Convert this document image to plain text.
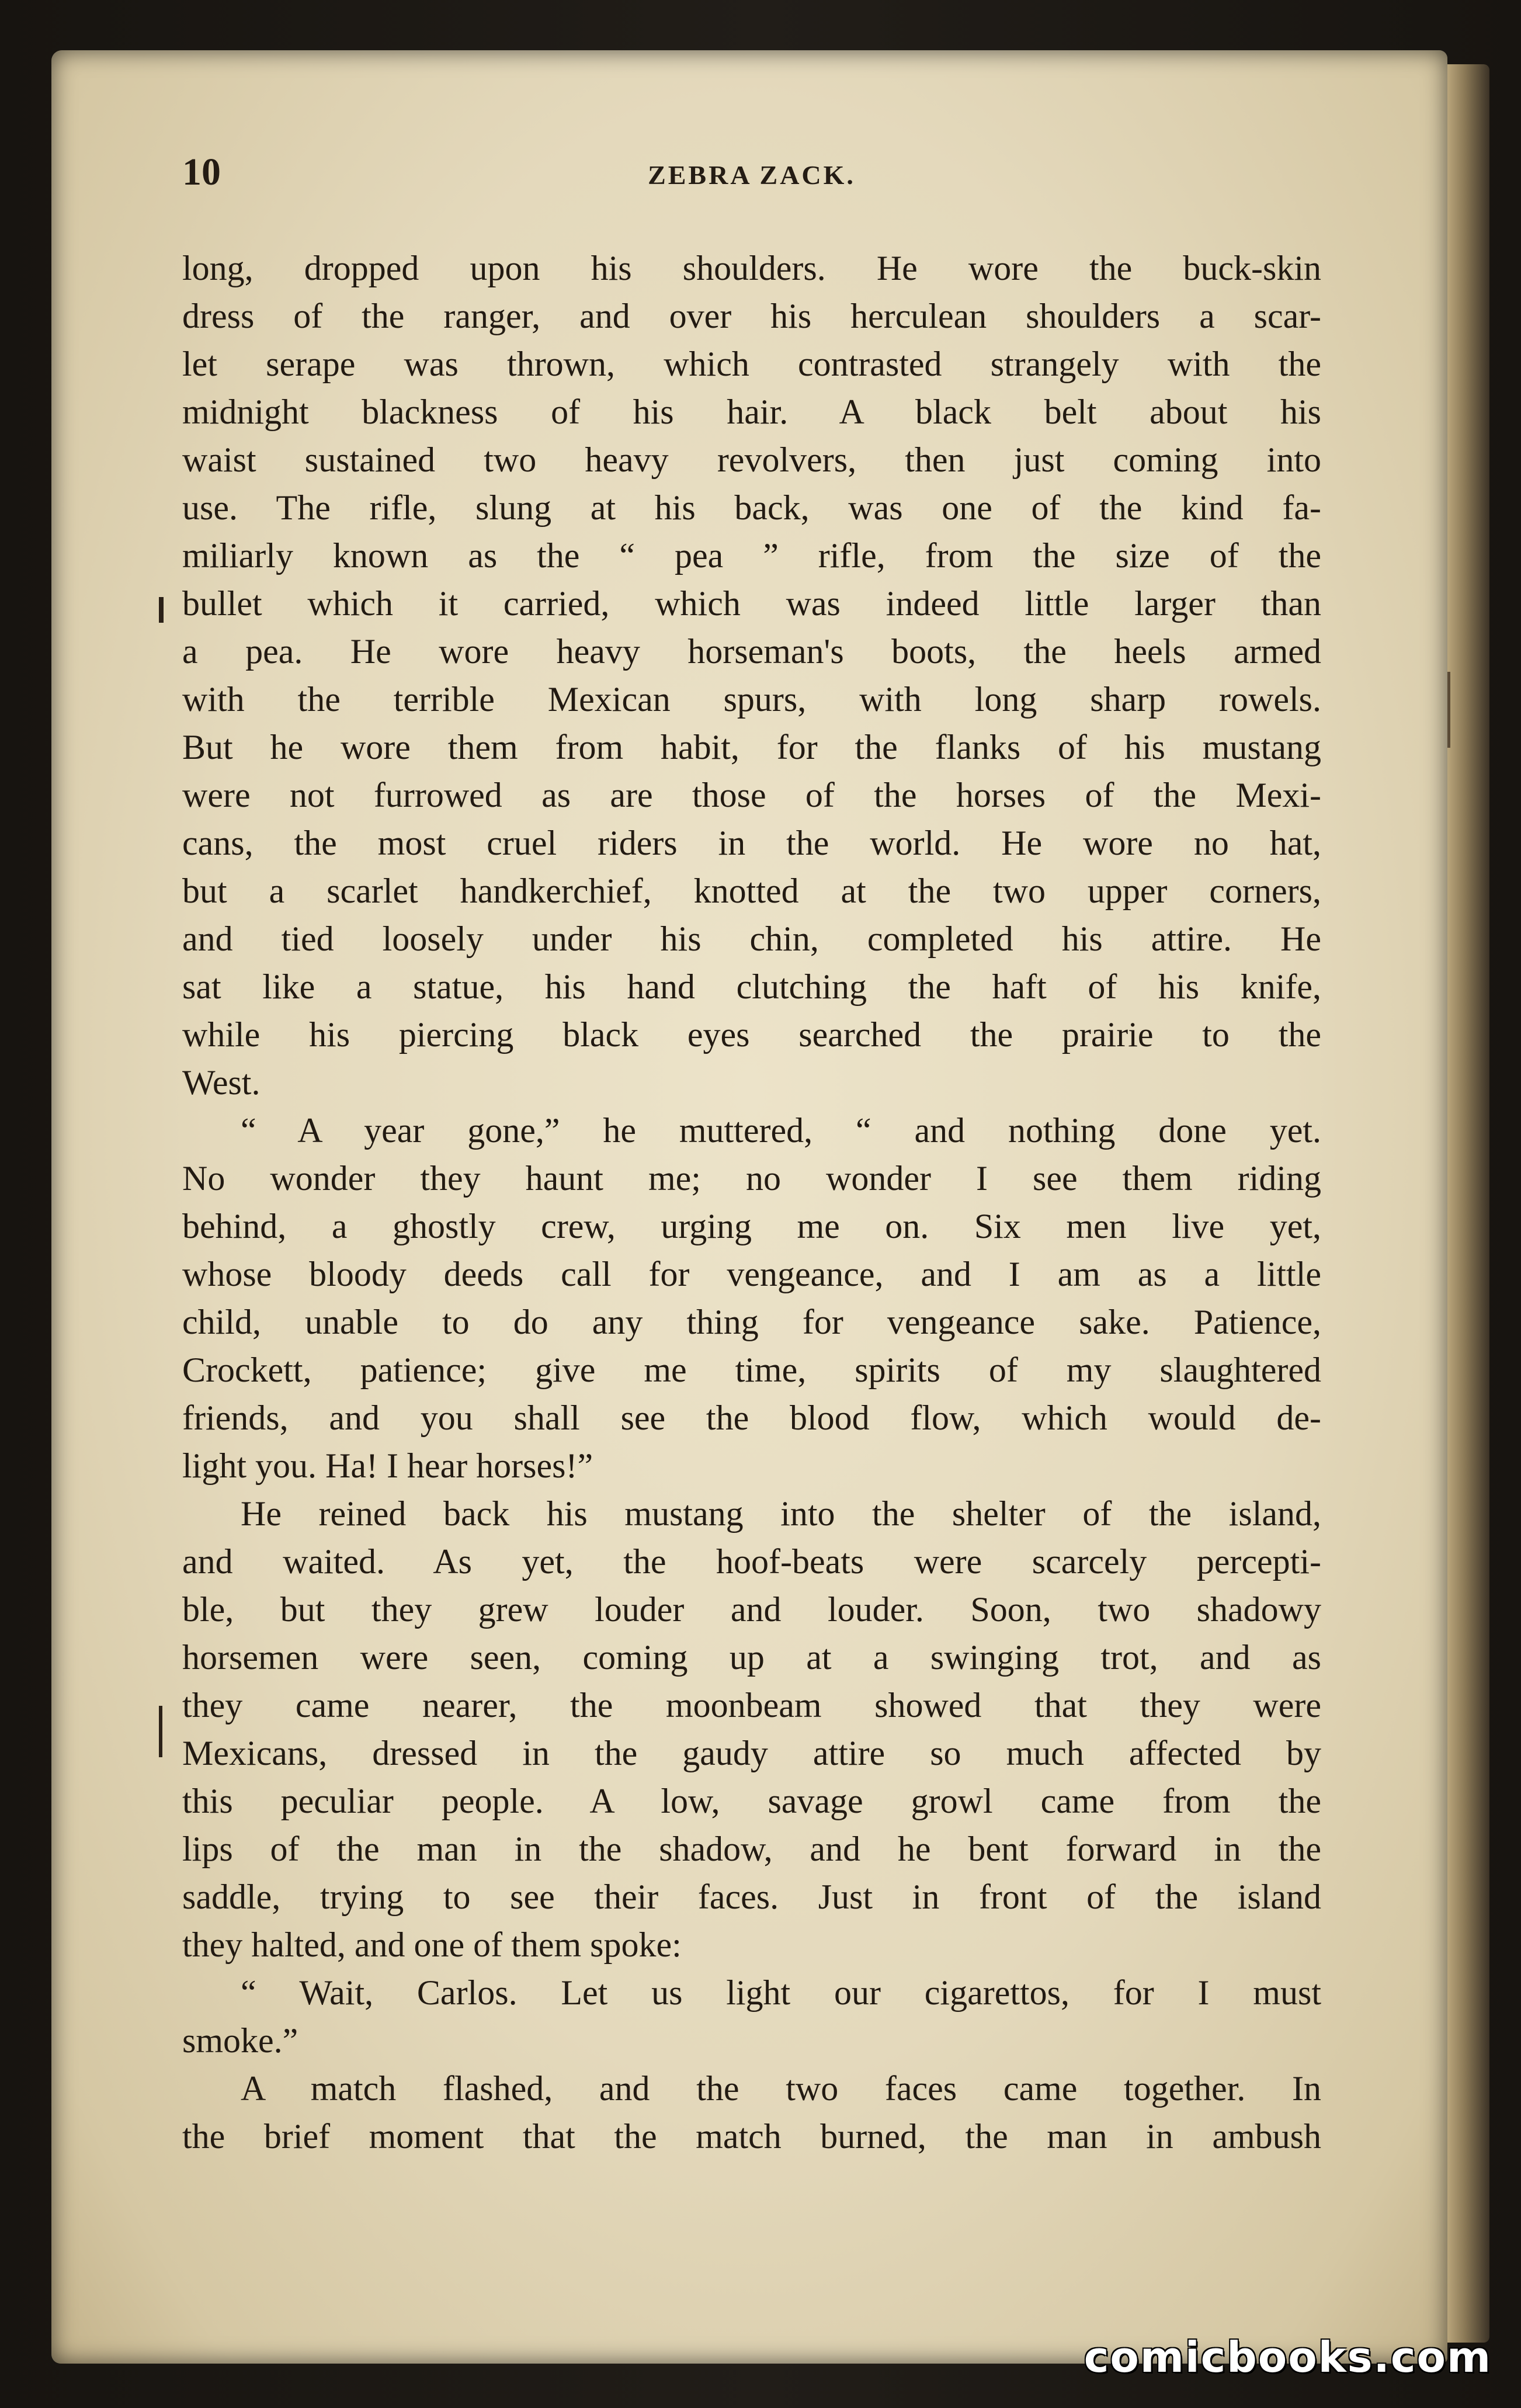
10	ZEBRA ZACK.
long, dropped upon his shoulders. He wore the buck-skin
dress of the ranger, and over his herculean shoulders a scar-
let serape was thrown, which contrasted strangely with the
midnight blackness of his hair. A black belt about his
waist sustained two heavy revolvers, then just coming into
use. The rifle, slung at his back, was one of the kind fa-
miliarly known as the “ pea ” rifle, from the size of the
bullet which it carried, which was indeed little larger than
a pea. He wore heavy horseman's boots, the heels armed
with the terrible Mexican spurs, with long sharp rowels.
But he wore them from habit, for the flanks of his mustang
were not furrowed as are those of the horses of the Mexi-
cans, the most cruel riders in the world. He wore no hat,
but a scarlet handkerchief, knotted at the two upper corners,
and tied loosely under his chin, completed his attire. He
sat like a statue, his hand clutching the haft of his knife,
while his piercing black eyes searched the prairie to the
West.
“ A year gone,” he muttered, “ and nothing done yet.
No wonder they haunt me; no wonder I see them riding
behind, a ghostly crew, urging me on. Six men live yet,
whose bloody deeds call for vengeance, and I am as a little
child, unable to do any thing for vengeance sake. Patience,
Crockett, patience; give me time, spirits of my slaughtered
friends, and you shall see the blood flow, which would de-
light you. Ha! I hear horses!”
He reined back his mustang into the shelter of the island,
and waited. As yet, the hoof-beats were scarcely percepti-
ble, but they grew louder and louder. Soon, two shadowy
horsemen were seen, coming up at a swinging trot, and as
they came nearer, the moonbeam showed that they were
Mexicans, dressed in the gaudy attire so much affected by
this peculiar people. A low, savage growl came from the
lips of the man in the shadow, and he bent forward in the
saddle, trying to see their faces. Just in front of the island
they halted, and one of them spoke:
“ Wait, Carlos. Let us light our cigarettos, for I must
smoke.”
A match flashed, and the two faces came together. In
the brief moment that the match burned, the man in ambush
comicbooks.com
